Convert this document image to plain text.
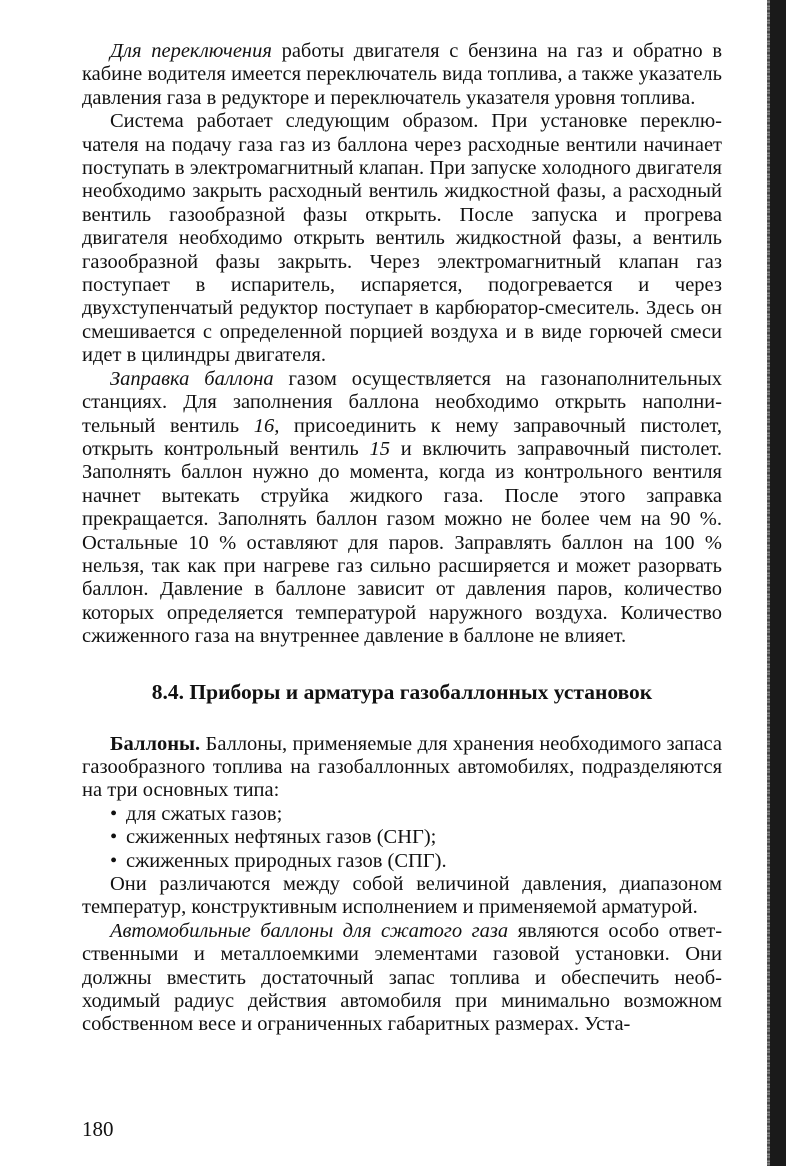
Для переключения работы двигателя с бензина на газ и обратно в кабине водителя имеется переключатель вида топлива, а также указатель давления газа в редукторе и переключатель указателя уровня топлива.

Система работает следующим образом. При установке переключателя на подачу газа газ из баллона через расходные вентили начинает поступать в электромагнитный клапан. При запуске холодного двигателя необходимо закрыть расходный вентиль жидкостной фазы, а расходный вентиль газообразной фазы открыть. После запуска и прогрева двигателя необходимо открыть вентиль жидкостной фазы, а вентиль газообразной фазы закрыть. Через электромагнитный клапан газ поступает в испаритель, испаряется, подогревается и через двухступенчатый редуктор поступает в карбюратор-смеситель. Здесь он смешивается с определенной порцией воздуха и в виде горючей смеси идет в цилиндры двигателя.

Заправка баллона газом осуществляется на газонаполнительных станциях. Для заполнения баллона необходимо открыть наполнительный вентиль 16, присоединить к нему заправочный пистолет, открыть контрольный вентиль 15 и включить заправочный пистолет. Заполнять баллон нужно до момента, когда из контрольного вентиля начнет вытекать струйка жидкого газа. После этого заправка прекращается. Заполнять баллон газом можно не более чем на 90 %. Остальные 10 % оставляют для паров. Заправлять баллон на 100 % нельзя, так как при нагреве газ сильно расширяется и может разорвать баллон. Давление в баллоне зависит от давления паров, количество которых определяется температурой наружного воздуха. Количество сжиженного газа на внутреннее давление в баллоне не влияет.

8.4. Приборы и арматура газобаллонных установок

Баллоны. Баллоны, применяемые для хранения необходимого запаса газообразного топлива на газобаллонных автомобилях, подразделяются на три основных типа:

• для сжатых газов;
• сжиженных нефтяных газов (СНГ);
• сжиженных природных газов (СПГ).

Они различаются между собой величиной давления, диапазоном температур, конструктивным исполнением и применяемой арматурой.

Автомобильные баллоны для сжатого газа являются особо ответственными и металлоемкими элементами газовой установки. Они должны вместить достаточный запас топлива и обеспечить необходимый радиус действия автомобиля при минимально возможном собственном весе и ограниченных габаритных размерах. Уста-

180
